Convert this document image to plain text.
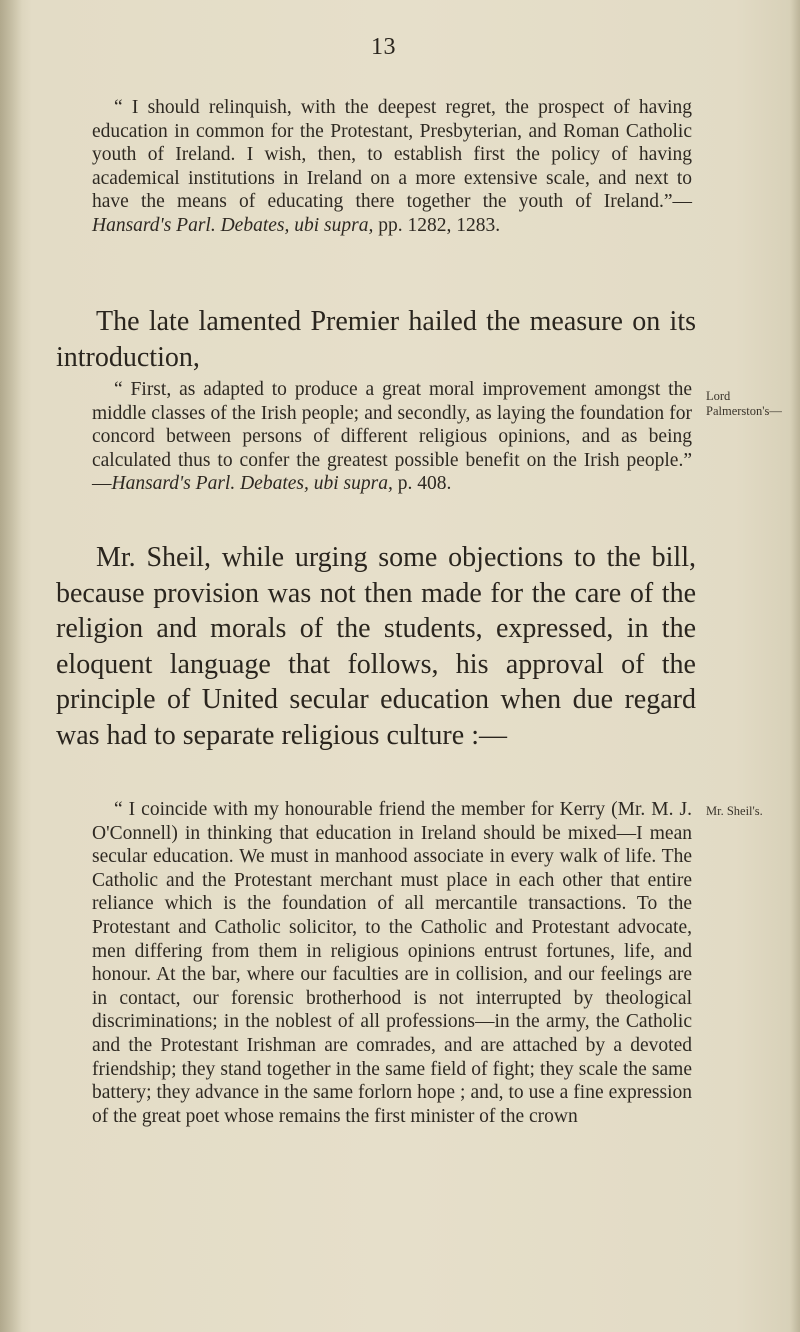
13

“ I should relinquish, with the deepest regret, the prospect of having education in common for the Protestant, Presbyterian, and Roman Catholic youth of Ireland. I wish, then, to establish first the policy of having academical institutions in Ireland on a more extensive scale, and next to have the means of educating there together the youth of Ireland.”—Hansard's Parl. Debates, ubi supra, pp. 1282, 1283.

The late lamented Premier hailed the measure on its introduction,

“ First, as adapted to produce a great moral improvement amongst the middle classes of the Irish people; and secondly, as laying the foundation for concord between persons of different religious opinions, and as being calculated thus to confer the greatest possible benefit on the Irish people.” —Hansard's Parl. Debates, ubi supra, p. 408.

Lord Palmerston's—

Mr. Sheil, while urging some objections to the bill, because provision was not then made for the care of the religion and morals of the students, expressed, in the eloquent language that follows, his approval of the principle of United secular education when due regard was had to separate religious culture :—

“ I coincide with my honourable friend the member for Kerry (Mr. M. J. O'Connell) in thinking that education in Ireland should be mixed—I mean secular education. We must in manhood associate in every walk of life. The Catholic and the Protestant merchant must place in each other that entire reliance which is the foundation of all mercantile transactions. To the Protestant and Catholic solicitor, to the Catholic and Protestant advocate, men differing from them in religious opinions entrust fortunes, life, and honour. At the bar, where our faculties are in collision, and our feelings are in contact, our forensic brotherhood is not interrupted by theological discriminations; in the noblest of all professions—in the army, the Catholic and the Protestant Irishman are comrades, and are attached by a devoted friendship; they stand together in the same field of fight; they scale the same battery; they advance in the same forlorn hope ; and, to use a fine expression of the great poet whose remains the first minister of the crown

Mr. Sheil's.
